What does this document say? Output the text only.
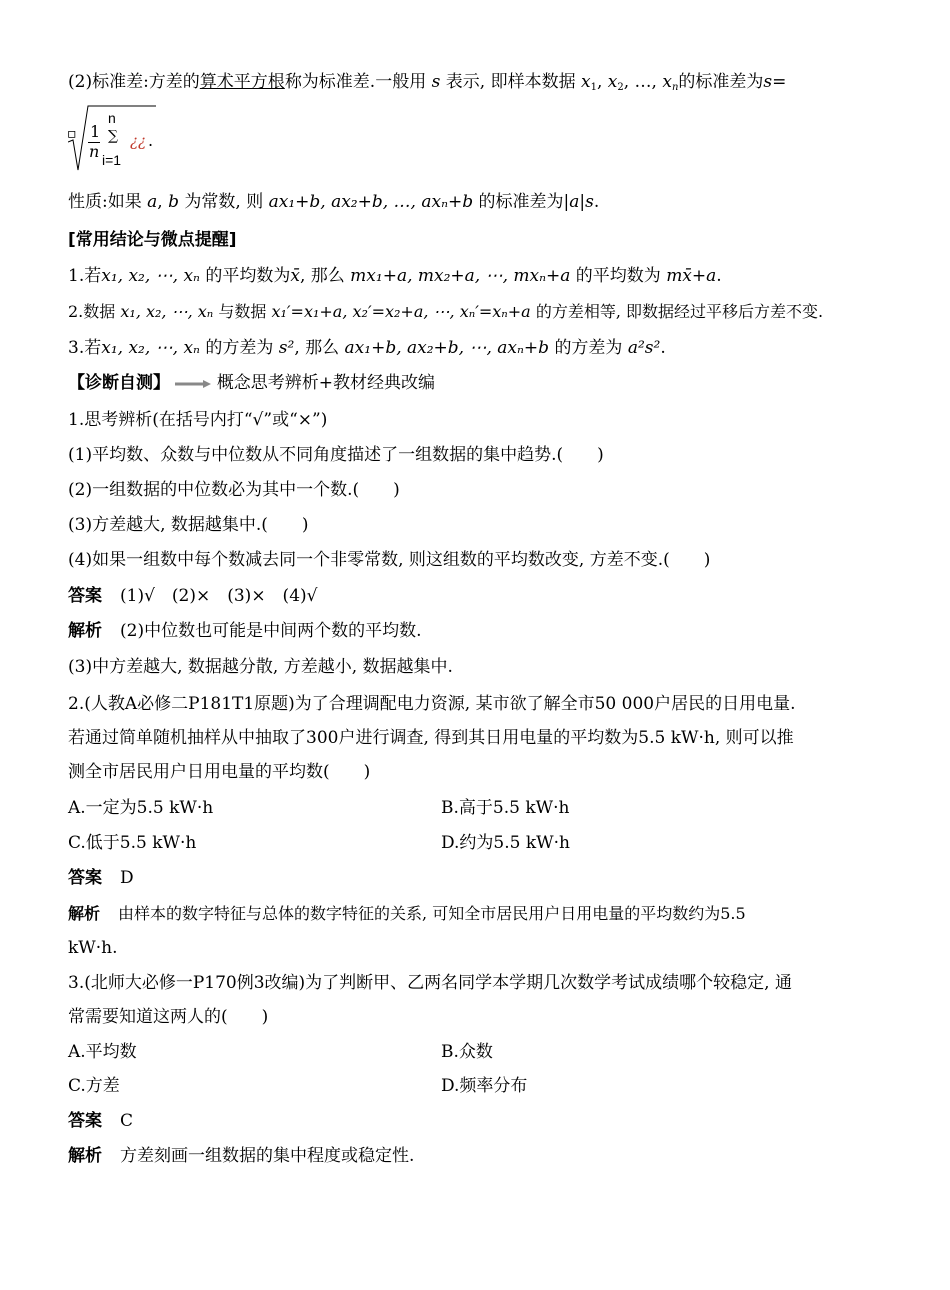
(2)标准差:方差的算术平方根称为标准差.一般用 s 表示, 即样本数据 $x_1$, $x_2$, …, $x_n$的标准差为s=
▫ 1
n
n
∑
i=1
¿¿ .
性质:如果 a, b 为常数, 则 ax₁+b, ax₂+b, …, axₙ+b 的标准差为|a|s.
[常用结论与微点提醒]
1.若x₁, x₂, ⋯, xₙ 的平均数为x̄, 那么 mx₁+a, mx₂+a, ⋯, mxₙ+a 的平均数为 mx̄+a.
2.数据 x₁, x₂, ⋯, xₙ 与数据 x₁′=x₁+a, x₂′=x₂+a, ⋯, xₙ′=xₙ+a 的方差相等, 即数据经过平移后方差不变.
3.若x₁, x₂, ⋯, xₙ 的方差为 s², 那么 ax₁+b, ax₂+b, ⋯, axₙ+b 的方差为 a²s².
【诊断自测】	概念思考辨析+教材经典改编
1.思考辨析(在括号内打“√”或“×”)
(1)平均数、众数与中位数从不同角度描述了一组数据的集中趋势.(　　)
(2)一组数据的中位数必为其中一个数.(　　)
(3)方差越大, 数据越集中.(　　)
(4)如果一组数中每个数减去同一个非零常数, 则这组数的平均数改变, 方差不变.(　　)
答案 (1)√　(2)×　(3)×　(4)√
解析 (2)中位数也可能是中间两个数的平均数.
(3)中方差越大, 数据越分散, 方差越小, 数据越集中.
2.(人教A必修二P181T1原题)为了合理调配电力资源, 某市欲了解全市50 000户居民的日用电量.
若通过简单随机抽样从中抽取了300户进行调查, 得到其日用电量的平均数为5.5 kW·h, 则可以推
测全市居民用户日用电量的平均数(　　)
A.一定为5.5 kW·h	B.高于5.5 kW·h
C.低于5.5 kW·h	D.约为5.5 kW·h
答案 D
解析 由样本的数字特征与总体的数字特征的关系, 可知全市居民用户日用电量的平均数约为5.5
kW·h.
3.(北师大必修一P170例3改编)为了判断甲、乙两名同学本学期几次数学考试成绩哪个较稳定, 通
常需要知道这两人的(　　)
A.平均数	B.众数
C.方差	D.频率分布
答案 C
解析 方差刻画一组数据的集中程度或稳定性.
